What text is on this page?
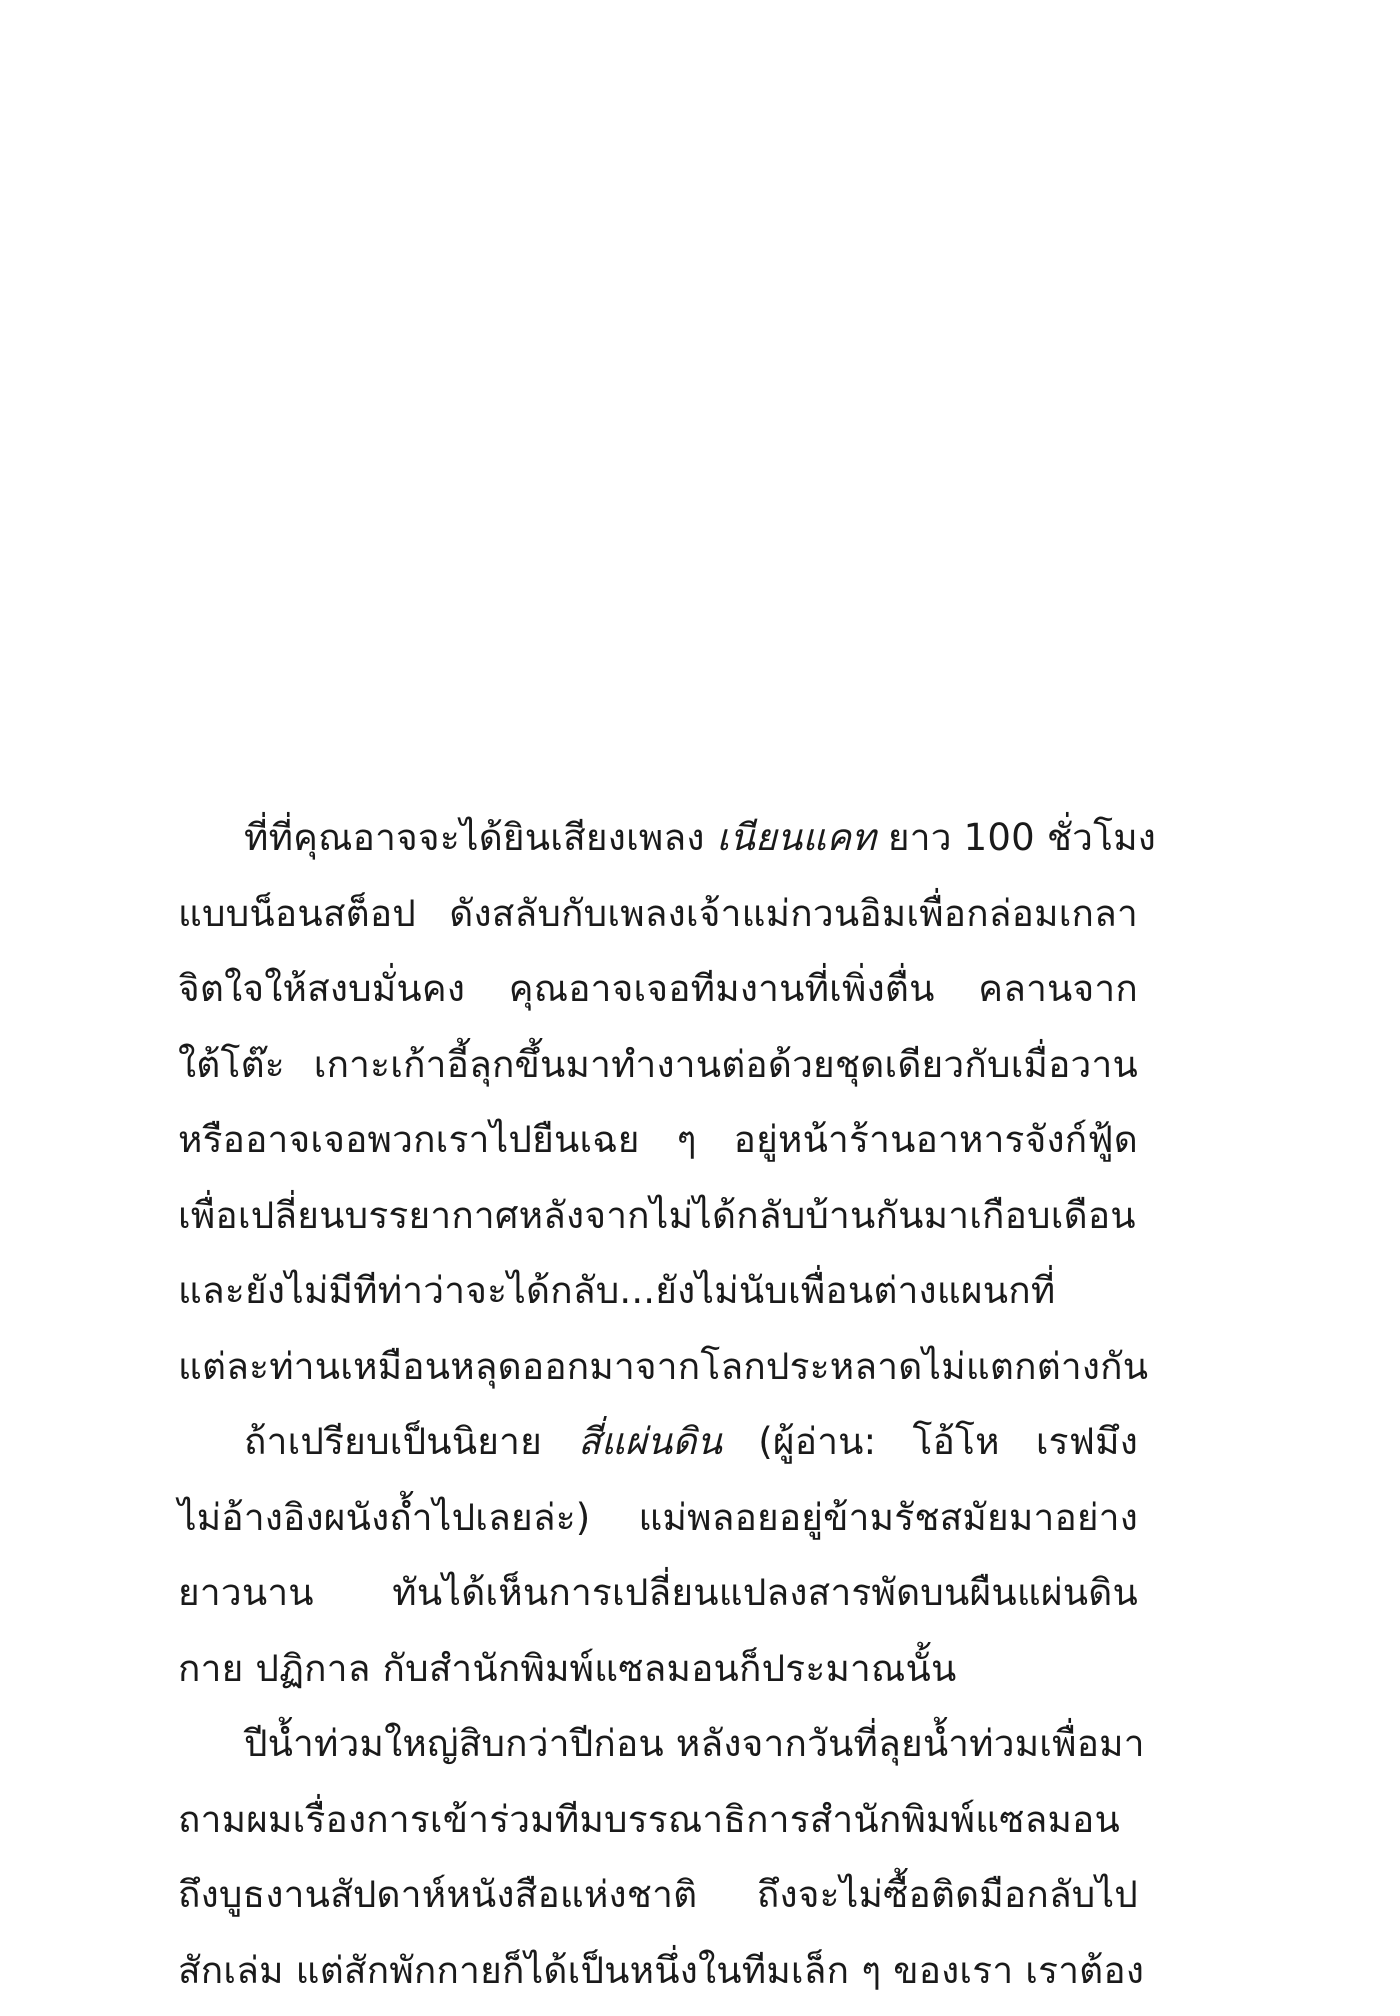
ที่ที่คุณอาจจะได้ยินเสียงเพลง เนียนแคท ยาว 100 ชั่วโมง
แบบน็อนสต็อป ดังสลับกับเพลงเจ้าแม่กวนอิมเพื่อกล่อมเกลา
จิตใจให้สงบมั่นคง คุณอาจเจอทีมงานที่เพิ่งตื่น คลานจาก
ใต้โต๊ะ เกาะเก้าอี้ลุกขึ้นมาทำงานต่อด้วยชุดเดียวกับเมื่อวาน
หรืออาจเจอพวกเราไปยืนเฉย ๆ อยู่หน้าร้านอาหารจังก์ฟู้ด
เพื่อเปลี่ยนบรรยากาศหลังจากไม่ได้กลับบ้านกันมาเกือบเดือน
และยังไม่มีทีท่าว่าจะได้กลับ...ยังไม่นับเพื่อนต่างแผนกที่
แต่ละท่านเหมือนหลุดออกมาจากโลกประหลาดไม่แตกต่างกัน
ถ้าเปรียบเป็นนิยาย สี่แผ่นดิน (ผู้อ่าน: โอ้โห เรฟมึง
ไม่อ้างอิงผนังถ้ำไปเลยล่ะ) แม่พลอยอยู่ข้ามรัชสมัยมาอย่าง
ยาวนาน ทันได้เห็นการเปลี่ยนแปลงสารพัดบนผืนแผ่นดิน
กาย ปฏิกาล กับสำนักพิมพ์แซลมอนก็ประมาณนั้น
ปีน้ำท่วมใหญ่สิบกว่าปีก่อน หลังจากวันที่ลุยน้ำท่วมเพื่อมา
ถามผมเรื่องการเข้าร่วมทีมบรรณาธิการสำนักพิมพ์แซลมอน
ถึงบูธงานสัปดาห์หนังสือแห่งชาติ ถึงจะไม่ซื้อติดมือกลับไป
สักเล่ม แต่สักพักกายก็ได้เป็นหนึ่งในทีมเล็ก ๆ ของเรา เราต้อง
